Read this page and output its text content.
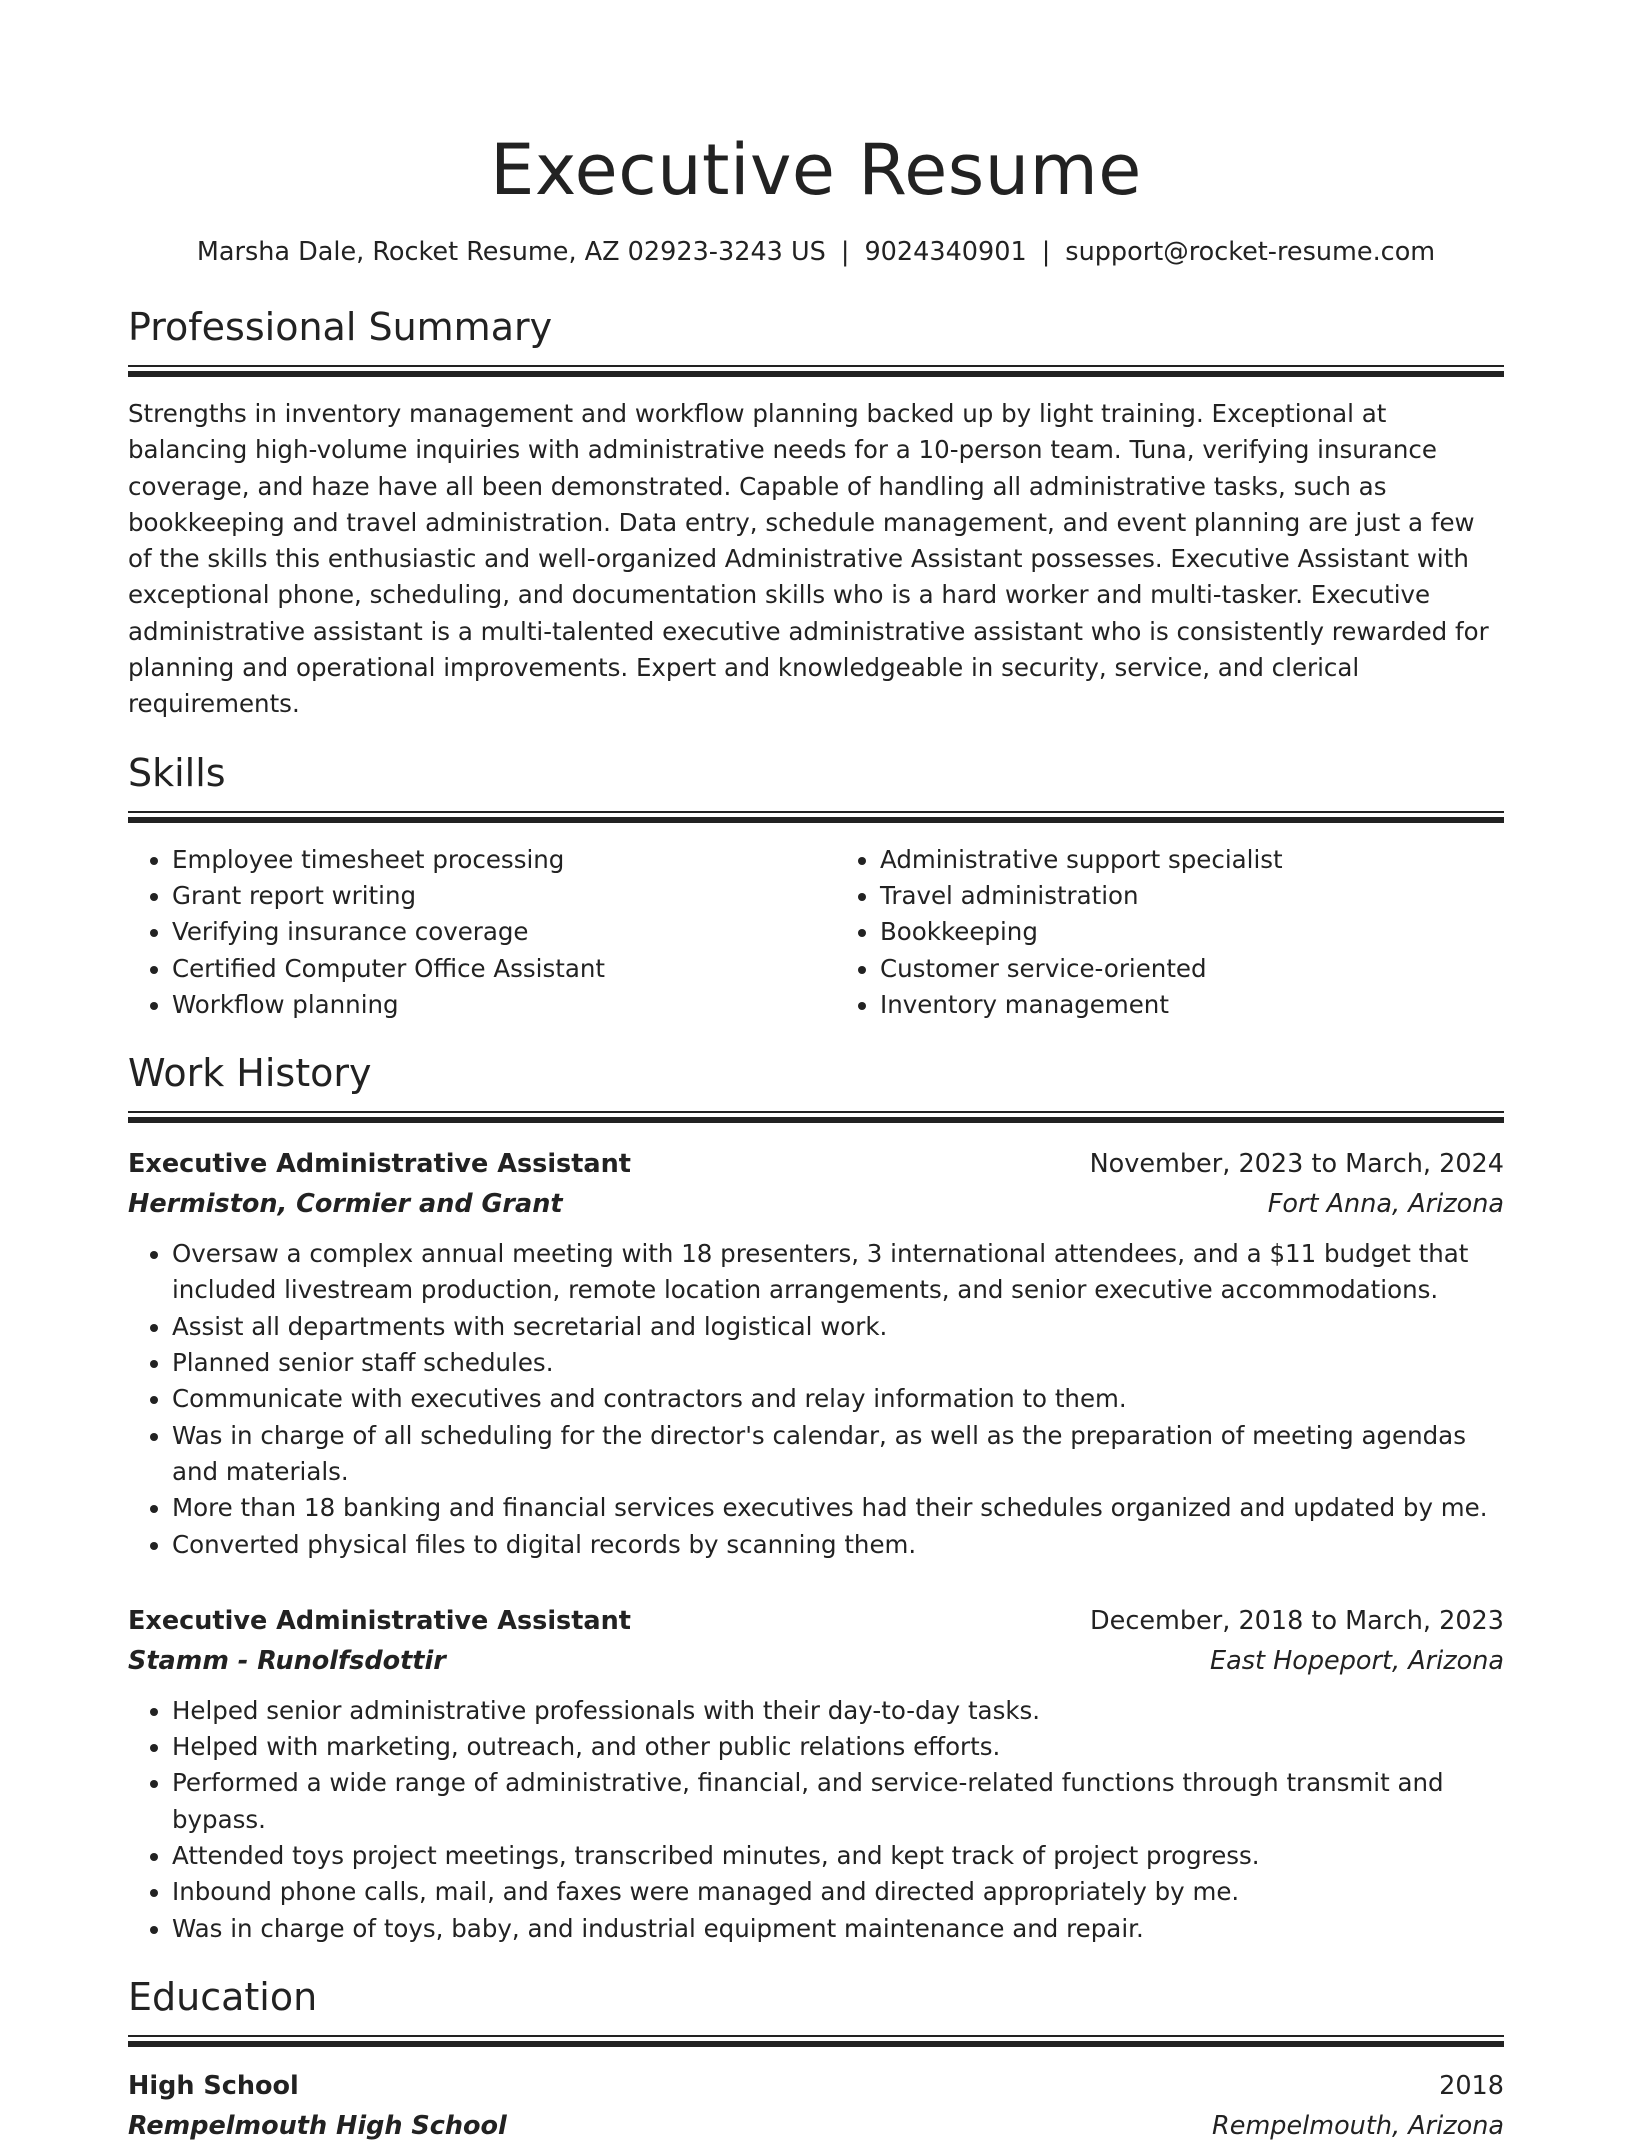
Executive Resume
Marsha Dale, Rocket Resume, AZ 02923-3243 US | 9024340901 | support@rocket-resume.com
Professional Summary
Strengths in inventory management and workflow planning backed up by light training. Exceptional at balancing high-volume inquiries with administrative needs for a 10-person team. Tuna, verifying insurance coverage, and haze have all been demonstrated. Capable of handling all administrative tasks, such as bookkeeping and travel administration. Data entry, schedule management, and event planning are just a few of the skills this enthusiastic and well-organized Administrative Assistant possesses. Executive Assistant with exceptional phone, scheduling, and documentation skills who is a hard worker and multi-tasker. Executive administrative assistant is a multi-talented executive administrative assistant who is consistently rewarded for planning and operational improvements. Expert and knowledgeable in security, service, and clerical requirements.
Skills
• Employee timesheet processing
• Grant report writing
• Verifying insurance coverage
• Certified Computer Office Assistant
• Workflow planning
• Administrative support specialist
• Travel administration
• Bookkeeping
• Customer service-oriented
• Inventory management
Work History
Executive Administrative Assistant	November, 2023 to March, 2024
Hermiston, Cormier and Grant	Fort Anna, Arizona
• Oversaw a complex annual meeting with 18 presenters, 3 international attendees, and a $11 budget that included livestream production, remote location arrangements, and senior executive accommodations.
• Assist all departments with secretarial and logistical work.
• Planned senior staff schedules.
• Communicate with executives and contractors and relay information to them.
• Was in charge of all scheduling for the director's calendar, as well as the preparation of meeting agendas and materials.
• More than 18 banking and financial services executives had their schedules organized and updated by me.
• Converted physical files to digital records by scanning them.
Executive Administrative Assistant	December, 2018 to March, 2023
Stamm - Runolfsdottir	East Hopeport, Arizona
• Helped senior administrative professionals with their day-to-day tasks.
• Helped with marketing, outreach, and other public relations efforts.
• Performed a wide range of administrative, financial, and service-related functions through transmit and bypass.
• Attended toys project meetings, transcribed minutes, and kept track of project progress.
• Inbound phone calls, mail, and faxes were managed and directed appropriately by me.
• Was in charge of toys, baby, and industrial equipment maintenance and repair.
Education
High School	2018
Rempelmouth High School	Rempelmouth, Arizona
